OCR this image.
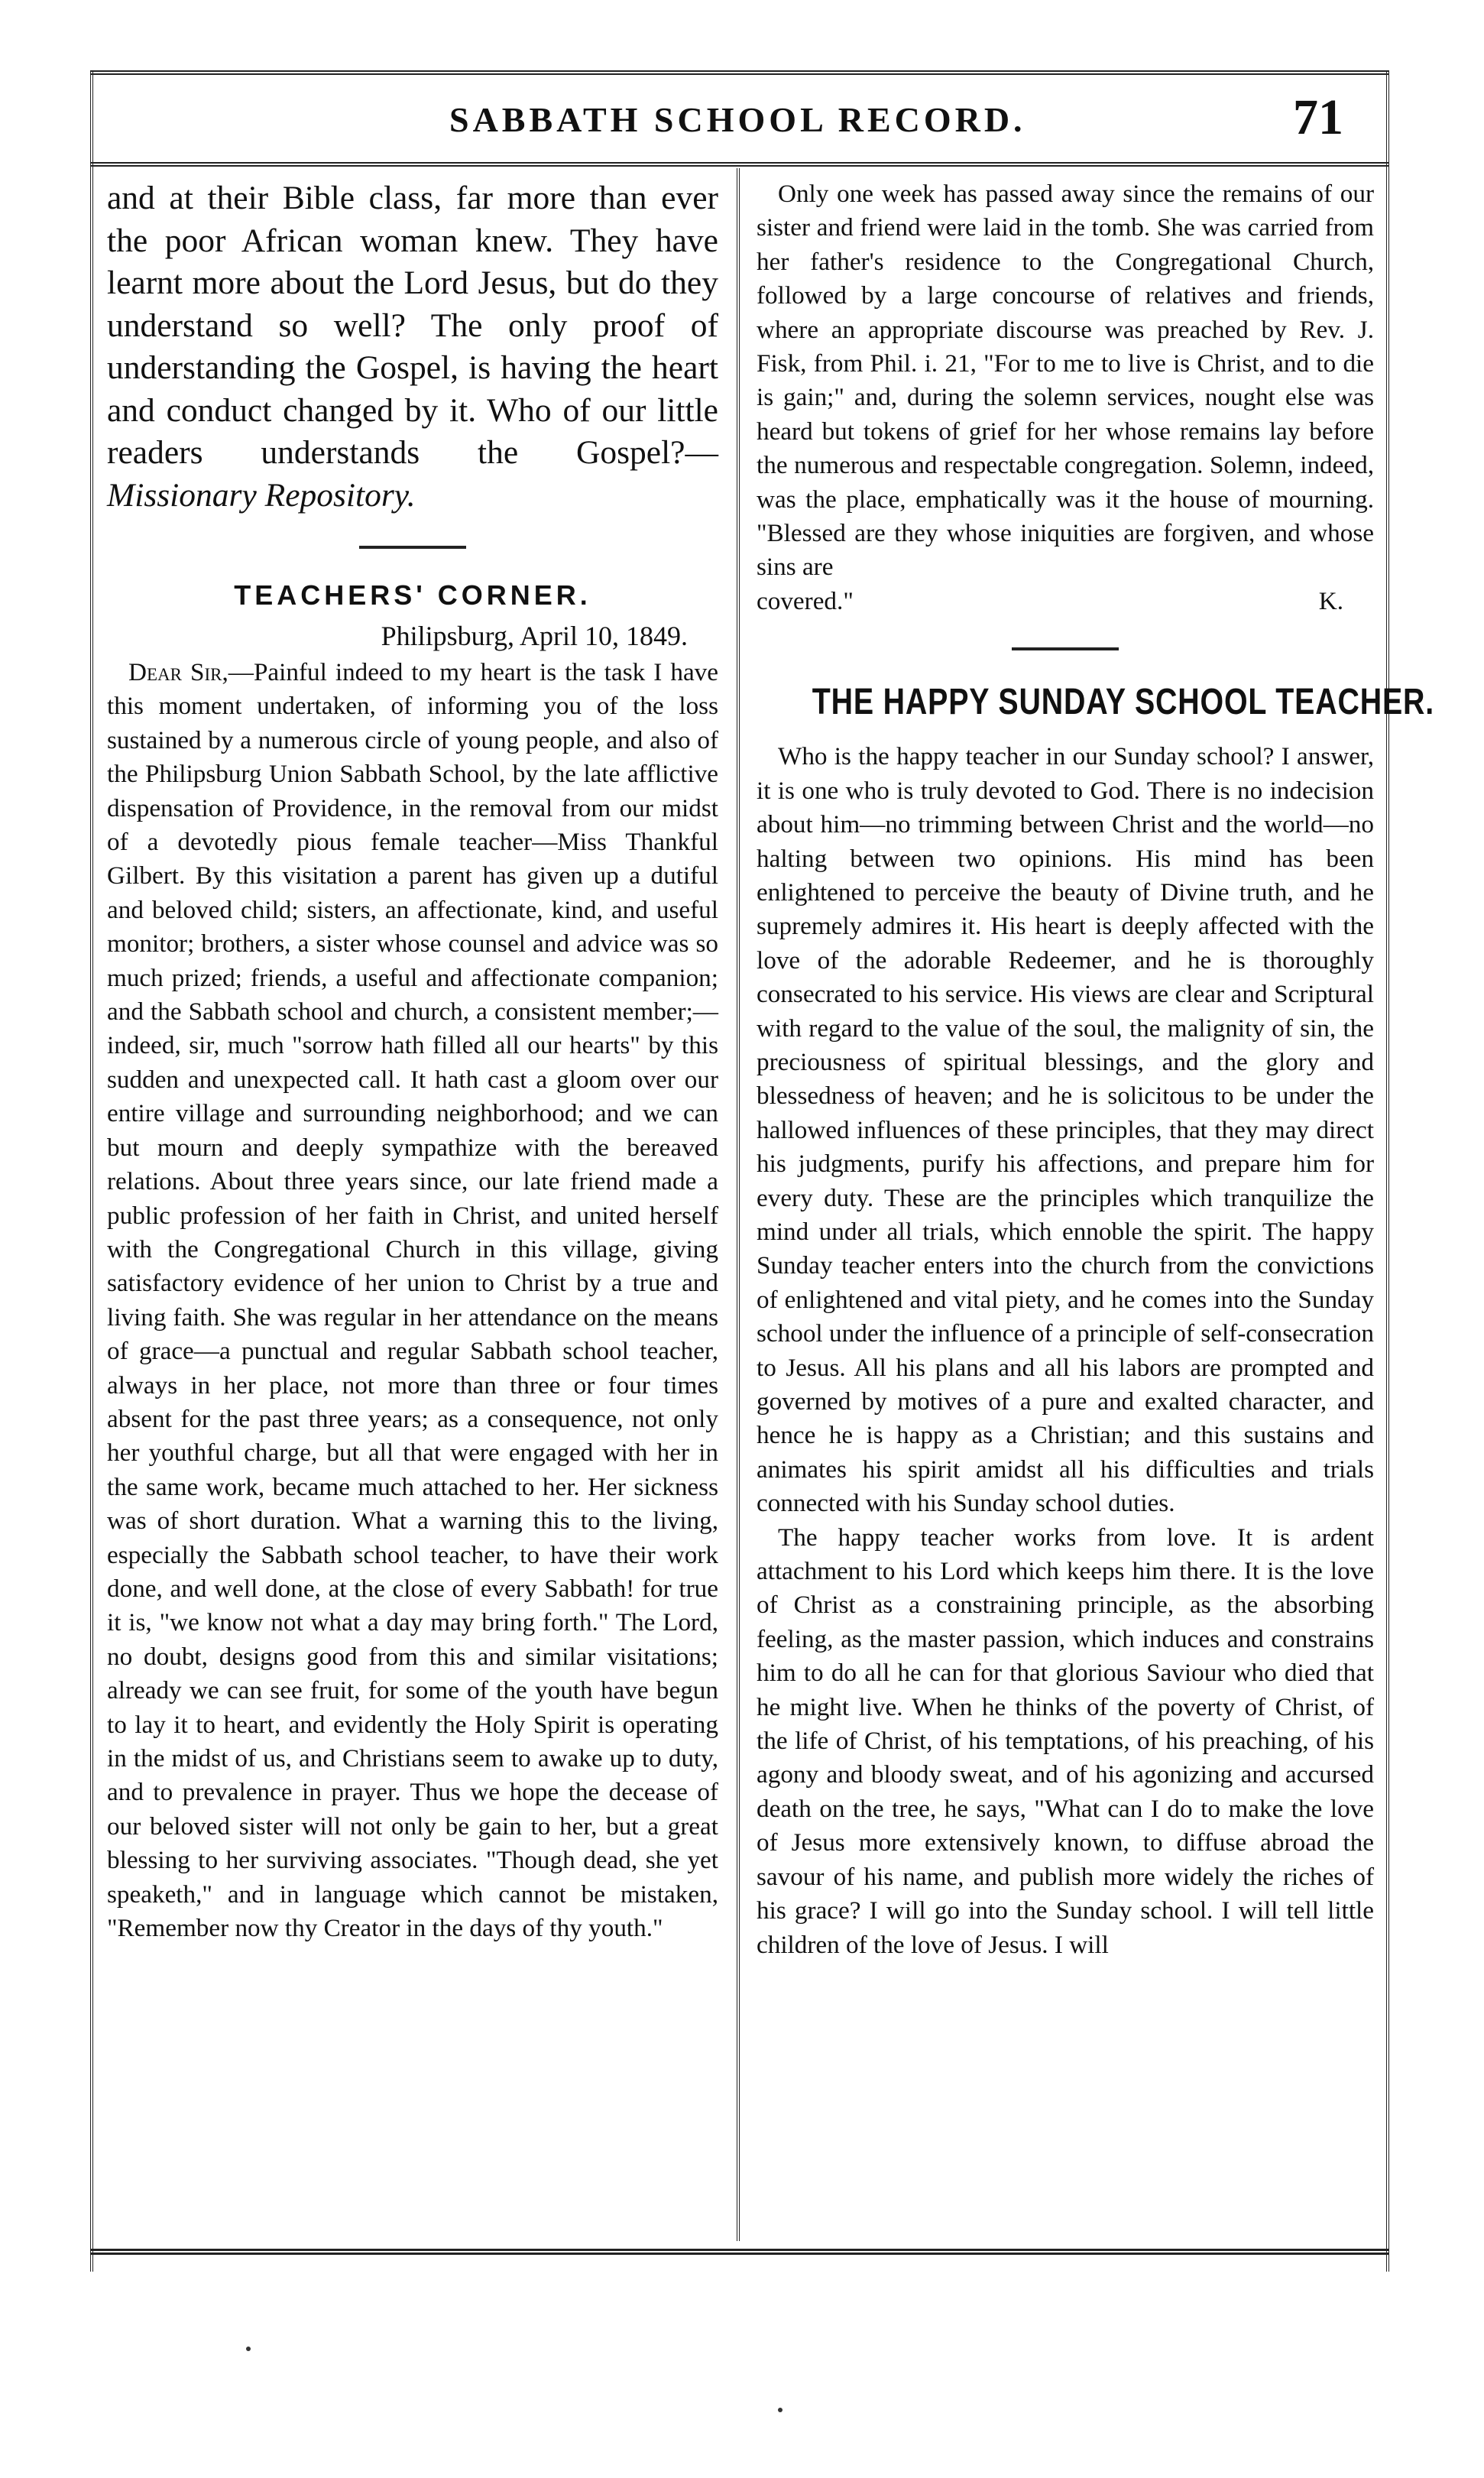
SABBATH SCHOOL RECORD.	71

and at their Bible class, far more than ever the poor African woman knew. They have learnt more about the Lord Jesus, but do they understand so well? The only proof of understanding the Gospel, is having the heart and conduct changed by it. Who of our little readers understands the Gospel?— Missionary Repository.

TEACHERS' CORNER.
Philipsburg, April 10, 1849.

Dear Sir,—Painful indeed to my heart is the task I have this moment undertaken, of informing you of the loss sustained by a numerous circle of young people, and also of the Philipsburg Union Sabbath School, by the late afflictive dispensation of Providence, in the removal from our midst of a devotedly pious female teacher—Miss Thankful Gilbert. By this visitation a parent has given up a dutiful and beloved child; sisters, an affectionate, kind, and useful monitor; brothers, a sister whose counsel and advice was so much prized; friends, a useful and affectionate companion; and the Sabbath school and church, a consistent member;—indeed, sir, much "sorrow hath filled all our hearts" by this sudden and unexpected call. It hath cast a gloom over our entire village and surrounding neighborhood; and we can but mourn and deeply sympathize with the bereaved relations. About three years since, our late friend made a public profession of her faith in Christ, and united herself with the Congregational Church in this village, giving satisfactory evidence of her union to Christ by a true and living faith. She was regular in her attendance on the means of grace—a punctual and regular Sabbath school teacher, always in her place, not more than three or four times absent for the past three years; as a consequence, not only her youthful charge, but all that were engaged with her in the same work, became much attached to her. Her sickness was of short duration. What a warning this to the living, especially the Sabbath school teacher, to have their work done, and well done, at the close of every Sabbath! for true it is, "we know not what a day may bring forth." The Lord, no doubt, designs good from this and similar visitations; already we can see fruit, for some of the youth have begun to lay it to heart, and evidently the Holy Spirit is operating in the midst of us, and Christians seem to awake up to duty, and to prevalence in prayer. Thus we hope the decease of our beloved sister will not only be gain to her, but a great blessing to her surviving associates. "Though dead, she yet speaketh," and in language which cannot be mistaken, "Remember now thy Creator in the days of thy youth."

Only one week has passed away since the remains of our sister and friend were laid in the tomb. She was carried from her father's residence to the Congregational Church, followed by a large concourse of relatives and friends, where an appropriate discourse was preached by Rev. J. Fisk, from Phil. i. 21, "For to me to live is Christ, and to die is gain;" and, during the solemn services, nought else was heard but tokens of grief for her whose remains lay before the numerous and respectable congregation. Solemn, indeed, was the place, emphatically was it the house of mourning. "Blessed are they whose iniquities are forgiven, and whose sins are

covered."	K.
THE HAPPY SUNDAY SCHOOL TEACHER.

Who is the happy teacher in our Sunday school? I answer, it is one who is truly devoted to God. There is no indecision about him—no trimming between Christ and the world—no halting between two opinions. His mind has been enlightened to perceive the beauty of Divine truth, and he supremely admires it. His heart is deeply affected with the love of the adorable Redeemer, and he is thoroughly consecrated to his service. His views are clear and Scriptural with regard to the value of the soul, the malignity of sin, the preciousness of spiritual blessings, and the glory and blessedness of heaven; and he is solicitous to be under the hallowed influences of these principles, that they may direct his judgments, purify his affections, and prepare him for every duty. These are the principles which tranquilize the mind under all trials, which ennoble the spirit. The happy Sunday teacher enters into the church from the convictions of enlightened and vital piety, and he comes into the Sunday school under the influence of a principle of self-consecration to Jesus. All his plans and all his labors are prompted and governed by motives of a pure and exalted character, and hence he is happy as a Christian; and this sustains and animates his spirit amidst all his difficulties and trials connected with his Sunday school duties.

The happy teacher works from love. It is ardent attachment to his Lord which keeps him there. It is the love of Christ as a constraining principle, as the absorbing feeling, as the master passion, which induces and constrains him to do all he can for that glorious Saviour who died that he might live. When he thinks of the poverty of Christ, of the life of Christ, of his temptations, of his preaching, of his agony and bloody sweat, and of his agonizing and accursed death on the tree, he says, "What can I do to make the love of Jesus more extensively known, to diffuse abroad the savour of his name, and publish more widely the riches of his grace? I will go into the Sunday school. I will tell little children of the love of Jesus. I will
